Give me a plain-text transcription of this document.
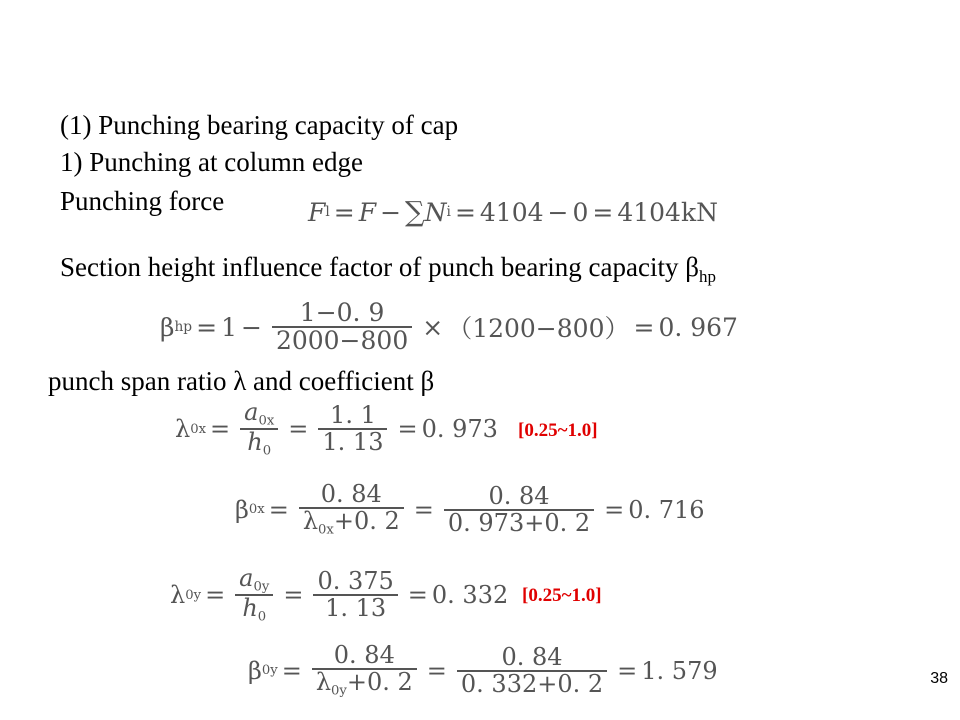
(1) Punching bearing capacity of cap
1) Punching at column edge
Punching force	F l = F − ∑ N i = 4104 − 0 = 4104 kN
Section height influence factor of punch bearing capacity $\beta_{hp}$
β hp = $1 - \frac{1-0. 9}{2000-800} \times (1200-800) = 0$. 967
punch span ratio λ and coefficient β
λ $0x = \frac{a_{0x}}{h_0} = \frac{1. 1}{1. 13} = 0$. 973 [0.25~1.0]
β $0x = \frac{0. 84}{\lambda_{0x}+0. 2} = \frac{0. 84}{0. 973+0. 2} = 0$. 716
λ $0y = \frac{a_{0y}}{h_0} = \frac{0. 375}{1. 13} = 0$. 332 [0.25~1.0]
β $0y = \frac{0. 84}{\lambda_{0y}+0. 2} = \frac{0. 84}{0. 332+0. 2} = 1$. 579	38
